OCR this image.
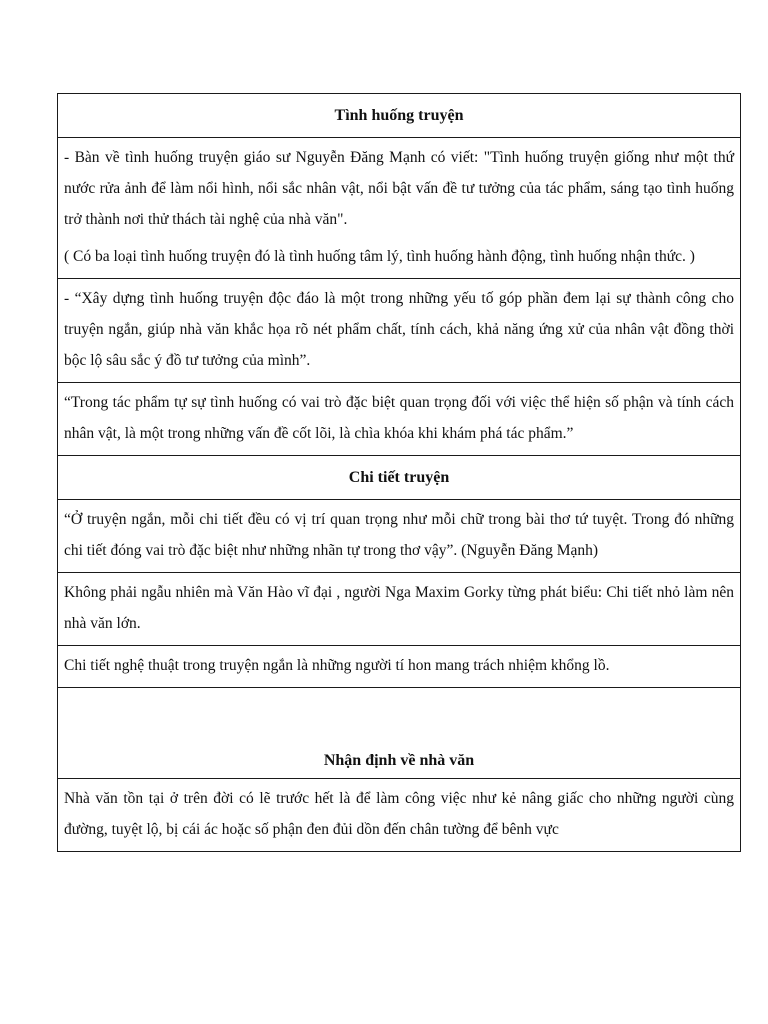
Tình huống truyện

- Bàn về tình huống truyện giáo sư Nguyễn Đăng Mạnh có viết: "Tình huống truyện giống như một thứ nước rửa ảnh để làm nổi hình, nổi sắc nhân vật, nổi bật vấn đề tư tưởng của tác phẩm, sáng tạo tình huống trở thành nơi thử thách tài nghệ của nhà văn".

( Có ba loại tình huống truyện đó là tình huống tâm lý, tình huống hành động, tình huống nhận thức. )

- “Xây dựng tình huống truyện độc đáo là một trong những yếu tố góp phần đem lại sự thành công cho truyện ngắn, giúp nhà văn khắc họa rõ nét phẩm chất, tính cách, khả năng ứng xử của nhân vật đồng thời bộc lộ sâu sắc ý đồ tư tưởng của mình”.

“Trong tác phẩm tự sự tình huống có vai trò đặc biệt quan trọng đối với việc thể hiện số phận và tính cách nhân vật, là một trong những vấn đề cốt lõi, là chìa khóa khi khám phá tác phẩm.”

Chi tiết truyện

“Ở truyện ngắn, mỗi chi tiết đều có vị trí quan trọng như mỗi chữ trong bài thơ tứ tuyệt. Trong đó những chi tiết đóng vai trò đặc biệt như những nhãn tự trong thơ vậy”. (Nguyễn Đăng Mạnh)

Không phải ngẫu nhiên mà Văn Hào vĩ đại , người Nga Maxim Gorky từng phát biểu: Chi tiết nhỏ làm nên nhà văn lớn.

Chi tiết nghệ thuật trong truyện ngắn là những người tí hon mang trách nhiệm khổng lồ.

Nhận định về nhà văn

Nhà văn tồn tại ở trên đời có lẽ trước hết là để làm công việc như kẻ nâng giấc cho những người cùng đường, tuyệt lộ, bị cái ác hoặc số phận đen đủi dồn đến chân tường để bênh vực
